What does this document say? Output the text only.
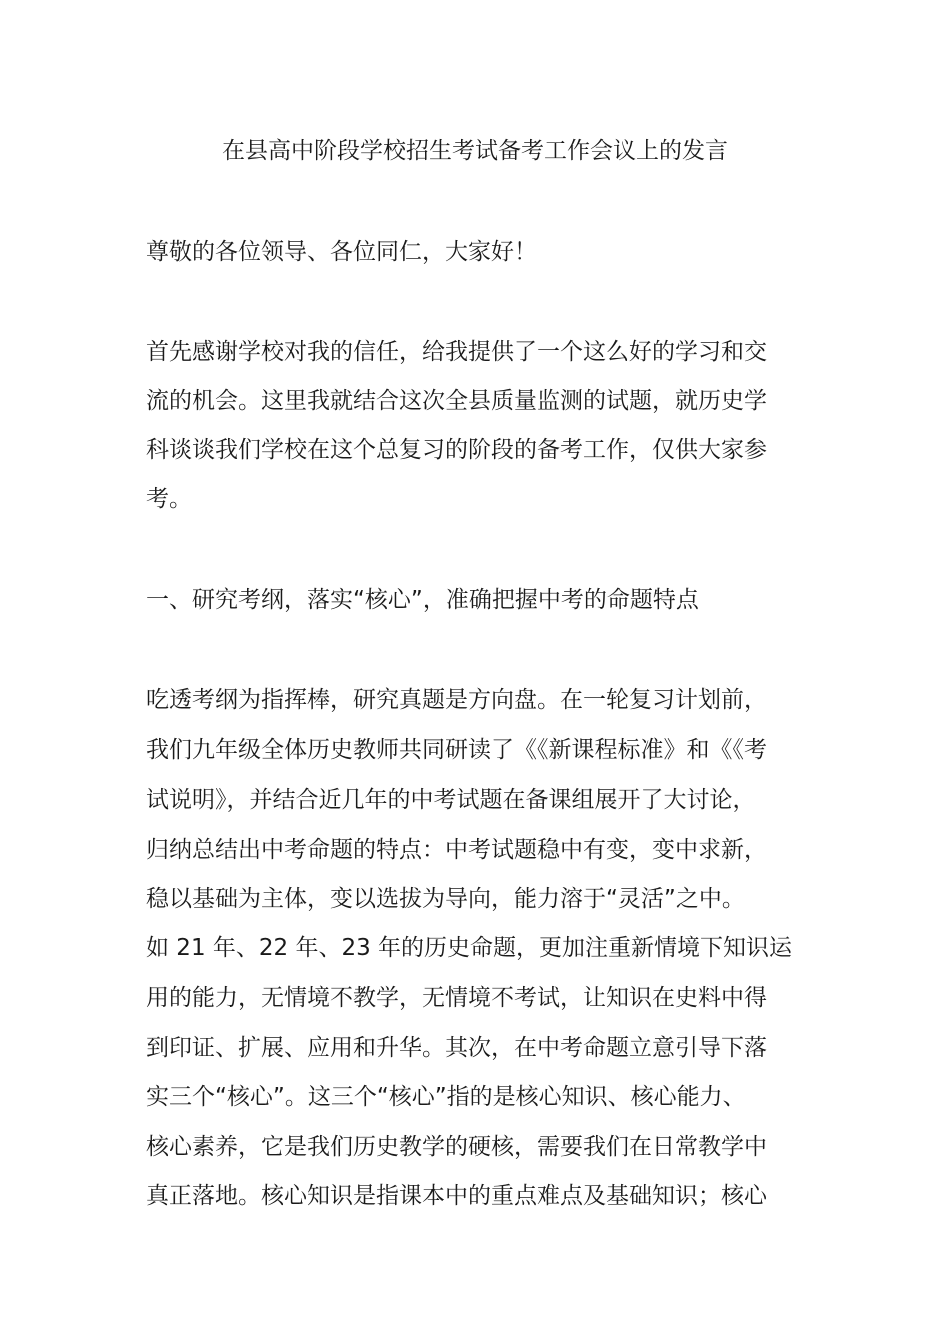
在县高中阶段学校招生考试备考工作会议上的发言
尊敬的各位领导、各位同仁，大家好！
首先感谢学校对我的信任，给我提供了一个这么好的学习和交
流的机会。这里我就结合这次全县质量监测的试题，就历史学
科谈谈我们学校在这个总复习的阶段的备考工作，仅供大家参
考。
一、研究考纲，落实“核心”，准确把握中考的命题特点
吃透考纲为指挥棒，研究真题是方向盘。在一轮复习计划前，
我们九年级全体历史教师共同研读了《《新课程标准》和《《考
试说明》，并结合近几年的中考试题在备课组展开了大讨论，
归纳总结出中考命题的特点：中考试题稳中有变，变中求新，
稳以基础为主体，变以选拔为导向，能力溶于“灵活”之中。
如 21 年、22 年、23 年的历史命题，更加注重新情境下知识运
用的能力，无情境不教学，无情境不考试，让知识在史料中得
到印证、扩展、应用和升华。其次，在中考命题立意引导下落
实三个“核心”。这三个“核心”指的是核心知识、核心能力、
核心素养，它是我们历史教学的硬核，需要我们在日常教学中
真正落地。核心知识是指课本中的重点难点及基础知识；核心
